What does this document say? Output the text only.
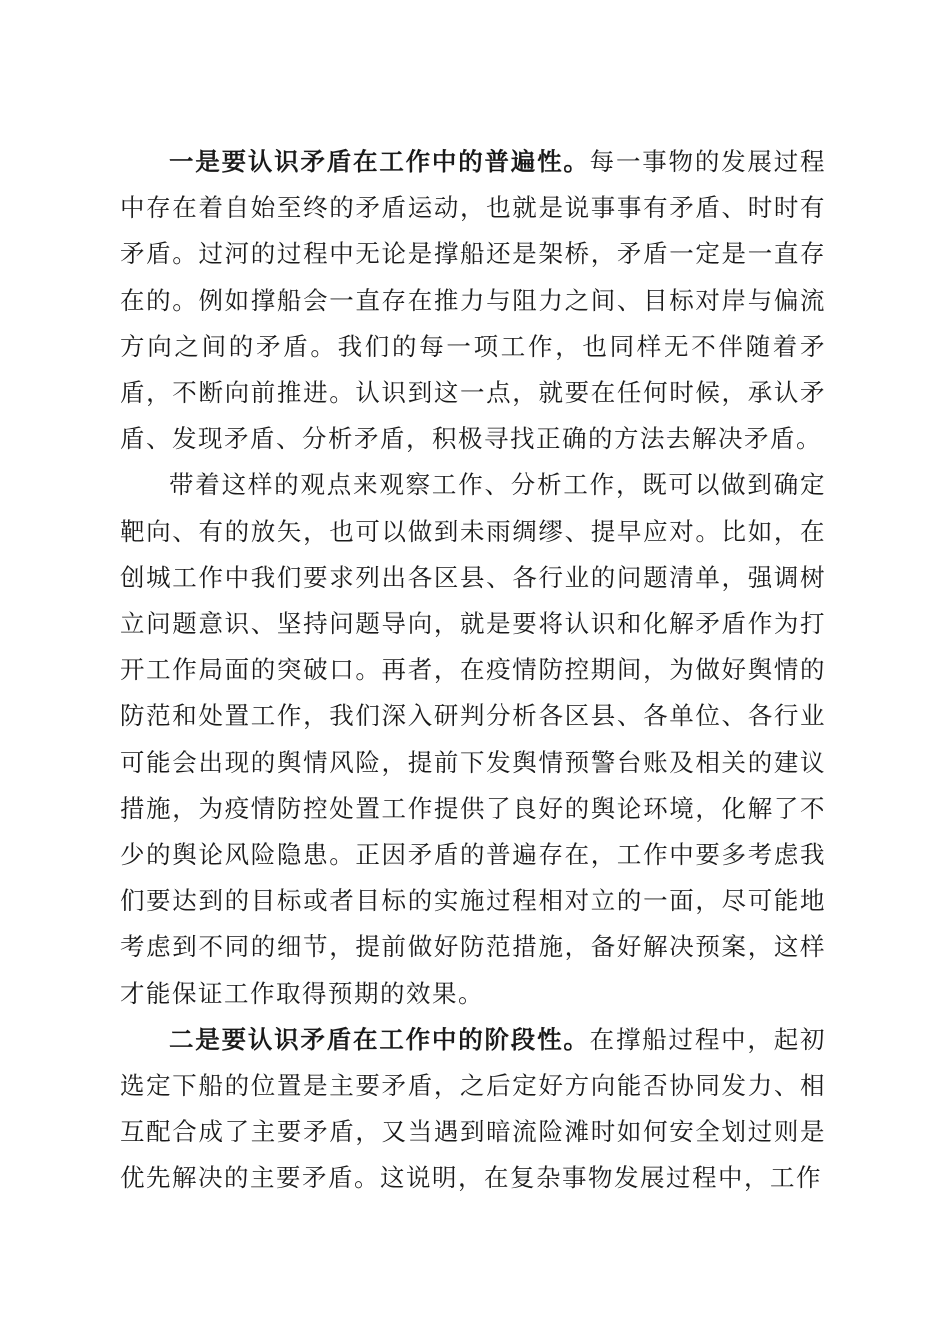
一是要认识矛盾在工作中的普遍性。每一事物的发展过程中存在着自始至终的矛盾运动，也就是说事事有矛盾、时时有矛盾。过河的过程中无论是撑船还是架桥，矛盾一定是一直存在的。例如撑船会一直存在推力与阻力之间、目标对岸与偏流方向之间的矛盾。我们的每一项工作，也同样无不伴随着矛盾，不断向前推进。认识到这一点，就要在任何时候，承认矛盾、发现矛盾、分析矛盾，积极寻找正确的方法去解决矛盾。

带着这样的观点来观察工作、分析工作，既可以做到确定靶向、有的放矢，也可以做到未雨绸缪、提早应对。比如，在创城工作中我们要求列出各区县、各行业的问题清单，强调树立问题意识、坚持问题导向，就是要将认识和化解矛盾作为打开工作局面的突破口。再者，在疫情防控期间，为做好舆情的防范和处置工作，我们深入研判分析各区县、各单位、各行业可能会出现的舆情风险，提前下发舆情预警台账及相关的建议措施，为疫情防控处置工作提供了良好的舆论环境，化解了不少的舆论风险隐患。正因矛盾的普遍存在，工作中要多考虑我们要达到的目标或者目标的实施过程相对立的一面，尽可能地考虑到不同的细节，提前做好防范措施，备好解决预案，这样才能保证工作取得预期的效果。

二是要认识矛盾在工作中的阶段性。在撑船过程中，起初选定下船的位置是主要矛盾，之后定好方向能否协同发力、相互配合成了主要矛盾，又当遇到暗流险滩时如何安全划过则是优先解决的主要矛盾。这说明，在复杂事物发展过程中，工作
